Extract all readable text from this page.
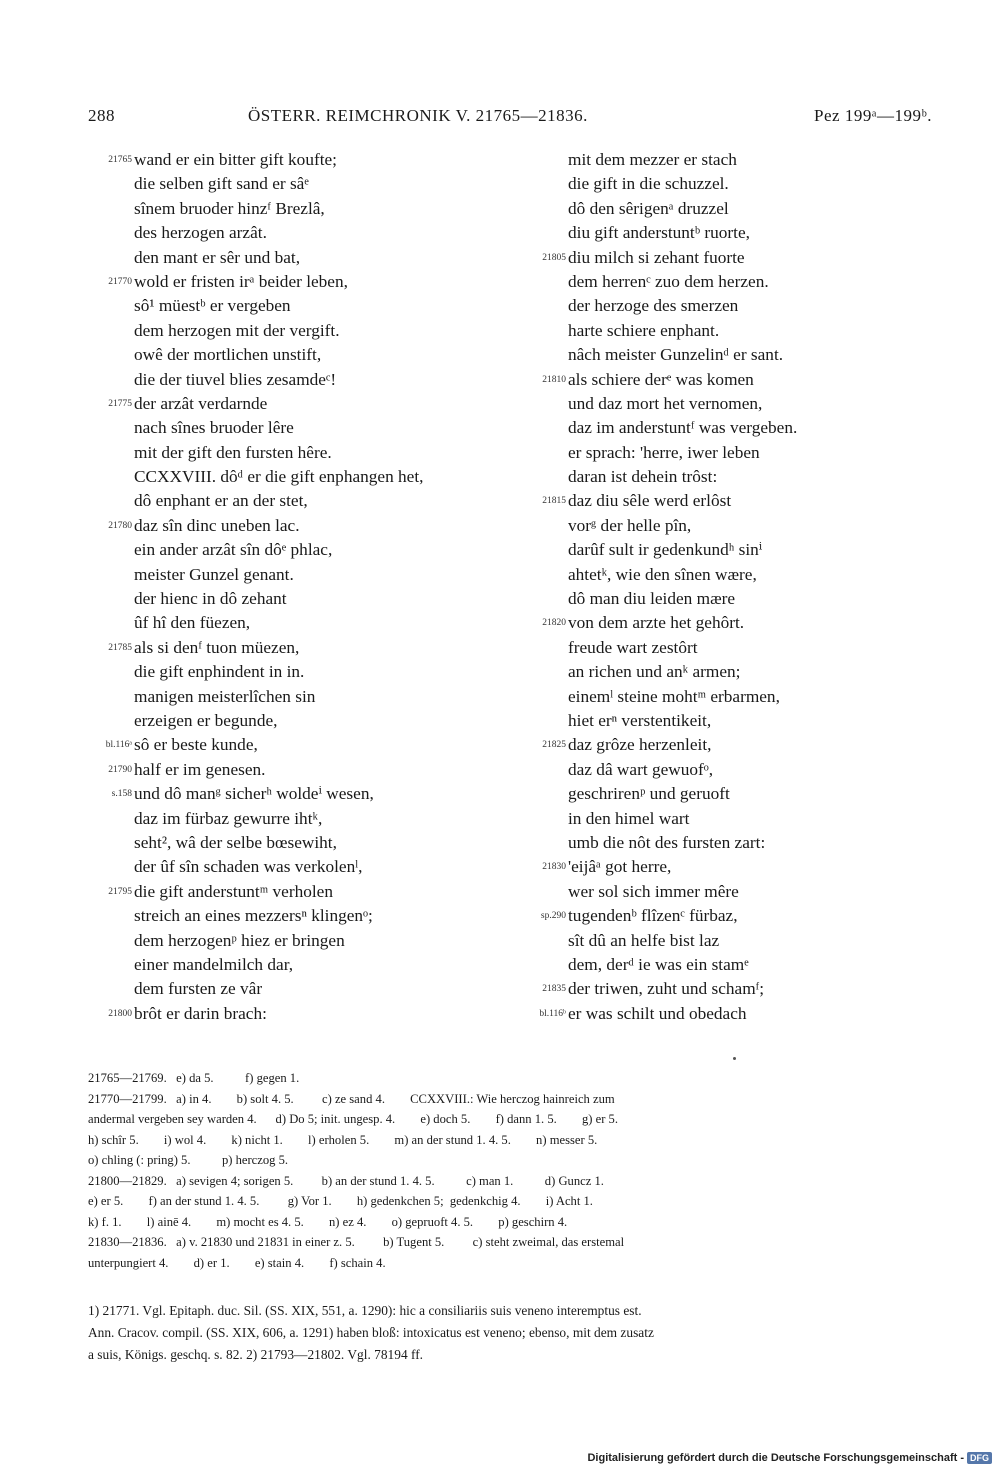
288	ÖSTERR. REIMCHRONIK V. 21765—21836.	Pez 199ᵃ—199ᵇ.
21765 wand er ein bitter gift koufte;
die selben gift sand er sâᵉ
sînem bruoder hinzᶠ Brezlâ,
des herzogen arzât.
den mant er sêr und bat,
21770 wold er fristen irᵃ beider leben,
sô¹ müestᵇ er vergeben
dem herzogen mit der vergift.
owê der mortlichen unstift,
die der tiuvel blies zesamdeᶜ!
21775 der arzât verdarnde
nach sînes bruoder lêre
mit der gift den fursten hêre.
CCXXVIII. dôᵈ er die gift enphangen het,
dô enphant er an der stet,
21780 daz sîn dinc uneben lac.
ein ander arzât sîn dôᵉ phlac,
meister Gunzel genant.
der hienc in dô zehant
ûf hî den füezen,
21785 als si denᶠ tuon müezen,
die gift enphindent in in.
manigen meisterlîchen sin
erzeigen er begunde,
bl.116ᵃ sô er beste kunde,
21790 half er im genesen.
s.158 und dô manᵍ sicherʰ woldeⁱ wesen,
daz im fürbaz gewurre ihtᵏ,
seht², wâ der selbe bœsewiht,
der ûf sîn schaden was verkolenˡ,
21795 die gift anderstuntᵐ verholen
streich an eines mezzersⁿ klingenᵒ;
dem herzogenᵖ hiez er bringen
einer mandelmilch dar,
dem fursten ze vâr
21800 brôt er darin brach:
mit dem mezzer er stach
die gift in die schuzzel.
dô den sêrigenᵃ druzzel
diu gift anderstuntᵇ ruorte,
21805 diu milch si zehant fuorte
dem herrenᶜ zuo dem herzen.
der herzoge des smerzen
harte schiere enphant.
nâch meister Gunzelinᵈ er sant.
21810 als schiere derᵉ was komen
und daz mort het vernomen,
daz im anderstuntᶠ was vergeben.
er sprach: 'herre, iwer leben
daran ist dehein trôst:
21815 daz diu sêle werd erlôst
vorᵍ der helle pîn,
darûf sult ir gedenkundʰ sinⁱ
ahtetᵏ, wie den sînen wære,
dô man diu leiden mære
21820 von dem arzte het gehôrt.
freude wart zestôrt
an richen und anᵏ armen;
einemˡ steine mohtᵐ erbarmen,
hiet erⁿ verstentikeit,
21825 daz grôze herzenleit,
daz dâ wart gewuofᵒ,
geschrirenᵖ und geruoft
in den himel wart
umb die nôt des fursten zart:
21830 'eijâᵃ got herre,
wer sol sich immer mêre
sp.290 tugendenᵇ flîzenᶜ fürbaz,
sît dû an helfe bist laz
dem, derᵈ ie was ein stamᵉ
21835 der triwen, zuht und schamᶠ;
bl.116ᵇ er was schilt und obedach
21765—21769.   e) da 5.          f) gegen 1.
21770—21799.   a) in 4.        b) solt 4. 5.         c) ze sand 4.        CCXXVIII.: Wie herczog hainreich zum
andermal vergeben sey warden 4.      d) Do 5; init. ungesp. 4.        e) doch 5.        f) dann 1. 5.        g) er 5.
h) schîr 5.        i) wol 4.        k) nicht 1.        l) erholen 5.        m) an der stund 1. 4. 5.        n) messer 5.
o) chling (: pring) 5.          p) herczog 5.
21800—21829.   a) sevigen 4; sorigen 5.         b) an der stund 1. 4. 5.          c) man 1.          d) Guncz 1.
e) er 5.        f) an der stund 1. 4. 5.         g) Vor 1.        h) gedenkchen 5;  gedenkchig 4.        i) Acht 1.
k) f. 1.        l) ainē 4.        m) mocht es 4. 5.        n) ez 4.        o) gepruoft 4. 5.        p) geschirn 4.
21830—21836.   a) v. 21830 und 21831 in einer z. 5.         b) Tugent 5.         c) steht zweimal, das erstemal
unterpungiert 4.        d) er 1.        e) stain 4.        f) schain 4.
1) 21771. Vgl. Epitaph. duc. Sil. (SS. XIX, 551, a. 1290): hic a consiliariis suis veneno interemptus est.
Ann. Cracov. compil. (SS. XIX, 606, a. 1291) haben bloß: intoxicatus est veneno; ebenso, mit dem zusatz
a suis, Königs. geschq. s. 82. 2) 21793—21802. Vgl. 78194 ff.
Digitalisierung gefördert durch die Deutsche Forschungsgemeinschaft - DFG
